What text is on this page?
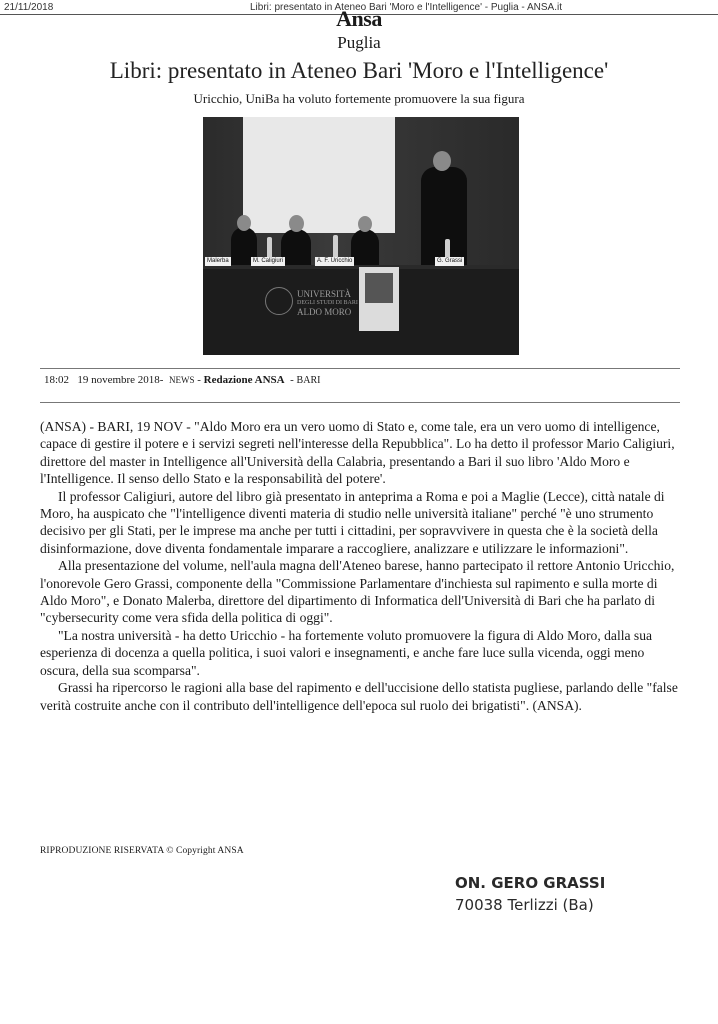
21/11/2018	Libri: presentato in Ateneo Bari 'Moro e l'Intelligence' - Puglia - ANSA.it
Ansa
Puglia
Libri: presentato in Ateneo Bari 'Moro e l'Intelligence'
Uricchio, UniBa ha voluto fortemente promuovere la sua figura
Malerba	M. Caligiuri	A. F. Uricchio	G. Grassi
UNIVERSITÀ
DEGLI STUDI DI BARI
ALDO MORO
18:02 19 novembre 2018- NEWS - Redazione ANSA - BARI

(ANSA) - BARI, 19 NOV - "Aldo Moro era un vero uomo di Stato e, come tale, era un vero uomo di intelligence, capace di gestire il potere e i servizi segreti nell'interesse della Repubblica". Lo ha detto il professor Mario Caligiuri, direttore del master in Intelligence all'Università della Calabria, presentando a Bari il suo libro 'Aldo Moro e l'Intelligence. Il senso dello Stato e la responsabilità del potere'.

Il professor Caligiuri, autore del libro già presentato in anteprima a Roma e poi a Maglie (Lecce), città natale di Moro, ha auspicato che "l'intelligence diventi materia di studio nelle università italiane" perché "è uno strumento decisivo per gli Stati, per le imprese ma anche per tutti i cittadini, per sopravvivere in questa che è la società della disinformazione, dove diventa fondamentale imparare a raccogliere, analizzare e utilizzare le informazioni".

Alla presentazione del volume, nell'aula magna dell'Ateneo barese, hanno partecipato il rettore Antonio Uricchio, l'onorevole Gero Grassi, componente della "Commissione Parlamentare d'inchiesta sul rapimento e sulla morte di Aldo Moro", e Donato Malerba, direttore del dipartimento di Informatica dell'Università di Bari che ha parlato di "cybersecurity come vera sfida della politica di oggi".

"La nostra università - ha detto Uricchio - ha fortemente voluto promuovere la figura di Aldo Moro, dalla sua esperienza di docenza a quella politica, i suoi valori e insegnamenti, e anche fare luce sulla vicenda, oggi meno oscura, della sua scomparsa".

Grassi ha ripercorso le ragioni alla base del rapimento e dell'uccisione dello statista pugliese, parlando delle "false verità costruite anche con il contributo dell'intelligence dell'epoca sul ruolo dei brigatisti". (ANSA).

RIPRODUZIONE RISERVATA © Copyright ANSA
ON. GERO GRASSI
70038 Terlizzi (Ba)
